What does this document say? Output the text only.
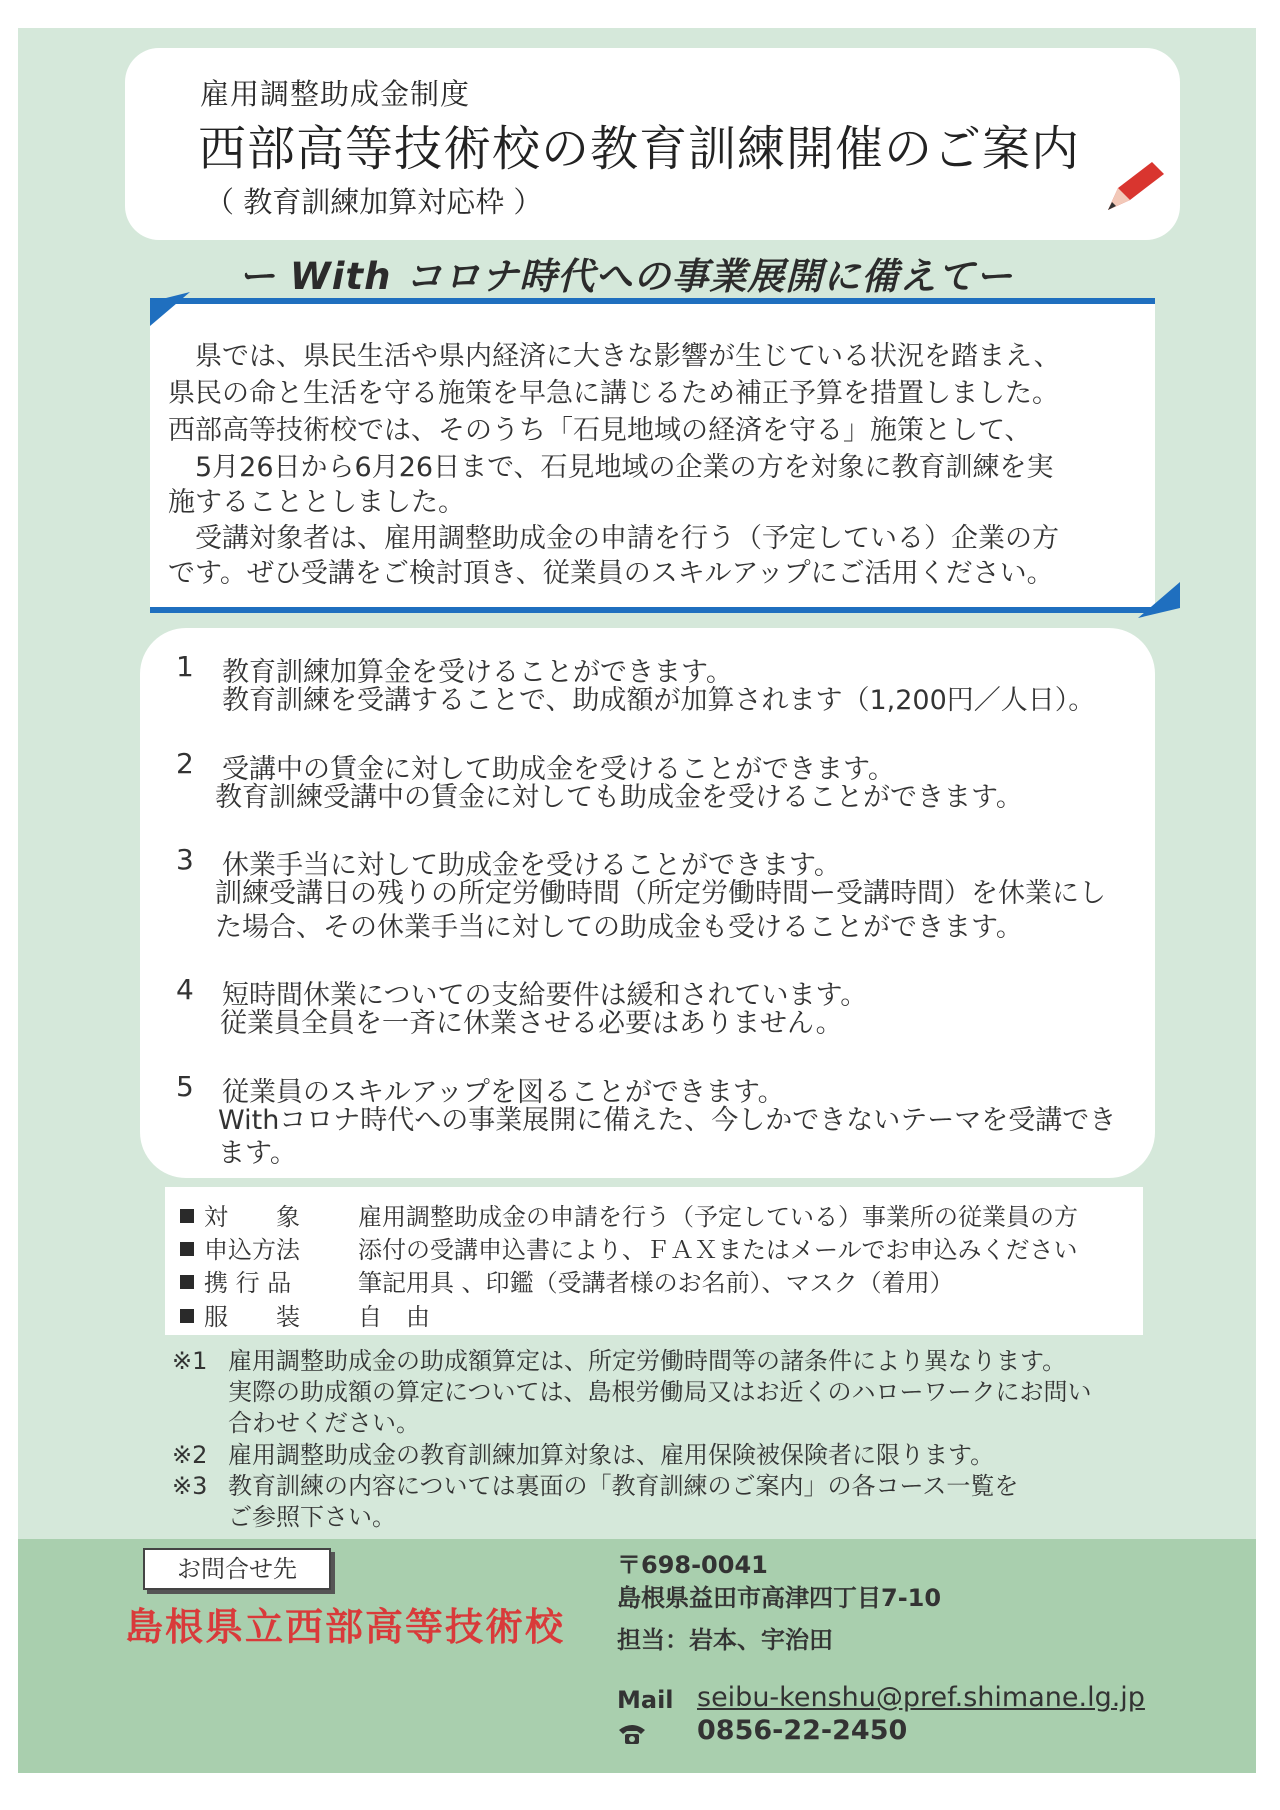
雇用調整助成金制度
西部高等技術校の教育訓練開催のご案内
（ 教育訓練加算対応枠 ）
ー With コロナ時代への事業展開に備えてー
　県では、県民生活や県内経済に大きな影響が生じている状況を踏まえ、
県民の命と生活を守る施策を早急に講じるため補正予算を措置しました。
西部高等技術校では、そのうち「石見地域の経済を守る」施策として、
　5月26日から6月26日まで、石見地域の企業の方を対象に教育訓練を実
施することとしました。
　受講対象者は、雇用調整助成金の申請を行う（予定している）企業の方
です。ぜひ受講をご検討頂き、従業員のスキルアップにご活用ください。
1 教育訓練加算金を受けることができます。
教育訓練を受講することで、助成額が加算されます（1,200円／人日）。
2 受講中の賃金に対して助成金を受けることができます。
教育訓練受講中の賃金に対しても助成金を受けることができます。
3 休業手当に対して助成金を受けることができます。
訓練受講日の残りの所定労働時間（所定労働時間ー受講時間）を休業にし
た場合、その休業手当に対しての助成金も受けることができます。
4 短時間休業についての支給要件は緩和されています。
従業員全員を一斉に休業させる必要はありません。
5 従業員のスキルアップを図ることができます。
Withコロナ時代への事業展開に備えた、今しかできないテーマを受講でき
ます。
対　　象 雇用調整助成金の申請を行う（予定している）事業所の従業員の方
申込方法 添付の受講申込書により、ＦＡＸまたはメールでお申込みください
携 行 品	筆記用具 、印鑑（受講者様のお名前）、マスク（着用）
服　　装 自　由
※1 雇用調整助成金の助成額算定は、所定労働時間等の諸条件により異なります。
実際の助成額の算定については、島根労働局又はお近くのハローワークにお問い
合わせください。
※2 雇用調整助成金の教育訓練加算対象は、雇用保険被保険者に限ります。
※3 教育訓練の内容については裏面の「教育訓練のご案内」の各コース一覧を
ご参照下さい。
お問合せ先
島根県立西部高等技術校
〒698-0041
島根県益田市高津四丁目7-10
担当：岩本、宇治田
Mail seibu-kenshu@pref.shimane.lg.jp
0856-22-2450
